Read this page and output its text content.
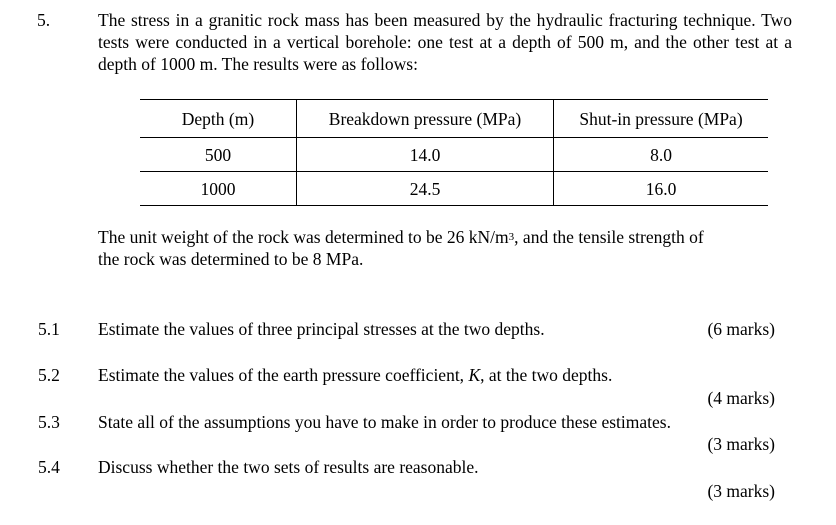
5.	The stress in a granitic rock mass has been measured by the hydraulic fracturing technique. Two tests were conducted in a vertical borehole: one test at a depth of 500 m, and the other test at a depth of 1000 m. The results were as follows:

Depth (m)	Breakdown pressure (MPa)	Shut-in pressure (MPa)
500	14.0	8.0
1000	24.5	16.0
The unit weight of the rock was determined to be 26 $kN/m^3$, and the tensile strength of
the rock was determined to be 8 MPa.
5.1 Estimate the values of three principal stresses at the two depths.	(6 marks)
5.2 Estimate the values of the earth pressure coefficient, K, at the two depths.
(4 marks)
5.3 State all of the assumptions you have to make in order to produce these estimates.
(3 marks)
5.4 Discuss whether the two sets of results are reasonable.
(3 marks)
